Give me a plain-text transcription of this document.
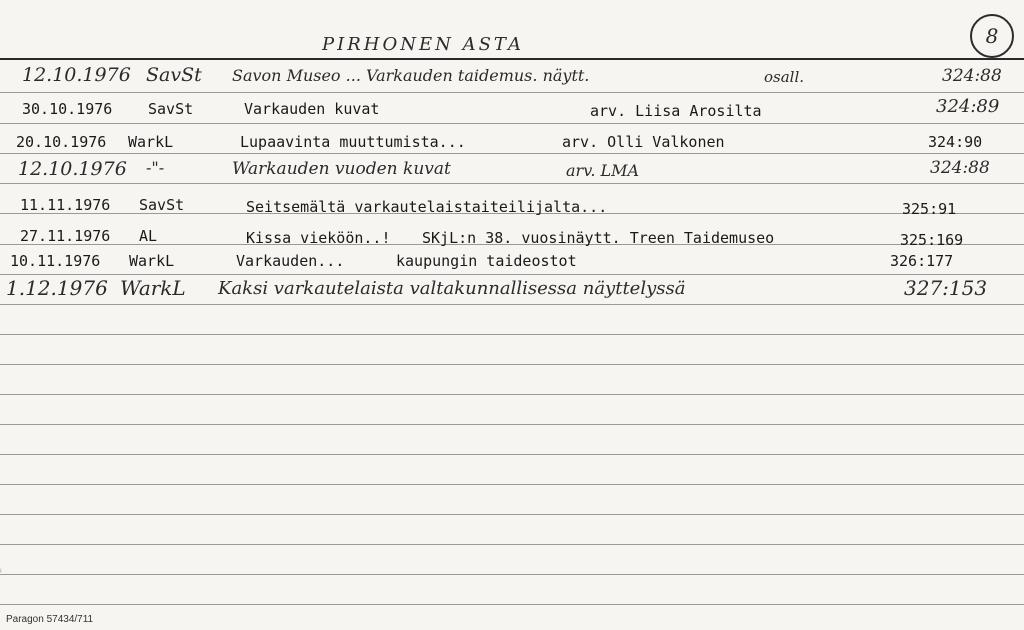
PIRHONEN ASTA	8
12.10.1976 SavSt Savon Museo ... Varkauden taidemus. näytt.	osall.	324:88
30.10.1976 SavSt	Varkauden kuvat	arv. Liisa Arosilta	324:89
20.10.1976 WarkL	Lupaavinta muuttumista...	arv. Olli Valkonen	324:90
12.10.1976 -"-	Warkauden vuoden kuvat	arv. LMA	324:88
11.11.1976 SavSt	Seitsemältä varkautelaistaiteilijalta...	325:91
27.11.1976 AL	Kissa vieköön..! SKjL:n 38. vuosinäytt. Treen Taidemuseo	325:169
10.11.1976 WarkL	Varkauden...	kaupungin taideostot	326:177
1.12.1976 WarkL Kaksi varkautelaista valtakunnallisessa näyttelyssä	327:153
ⁱ
Paragon 57434/711
